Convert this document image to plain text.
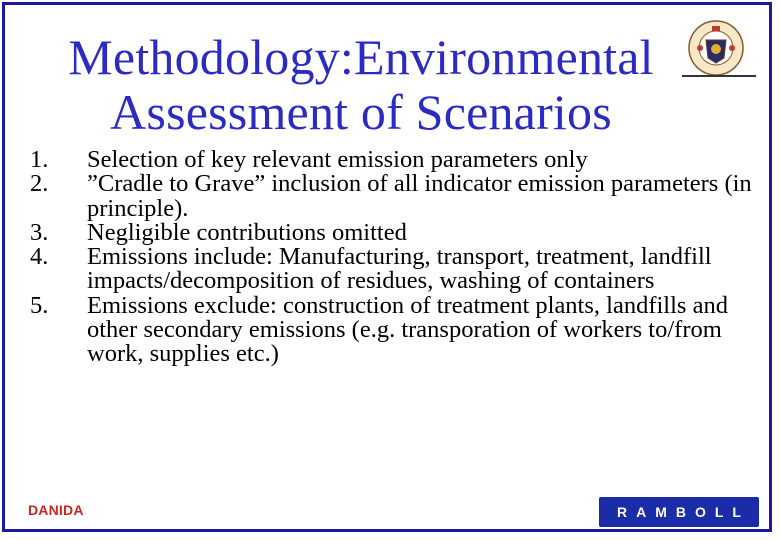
Methodology:Environmental
Assessment of Scenarios
1. Selection of key relevant emission parameters only
2. ”Cradle to Grave” inclusion of all indicator emission parameters (in principle).
3. Negligible contributions omitted
4. Emissions include: Manufacturing, transport, treatment, landfill impacts/decomposition of residues, washing of containers
5. Emissions exclude: construction of treatment plants, landfills and other secondary emissions (e.g. transporation of workers to/from work, supplies etc.)
DANIDA	RAMBOLL
